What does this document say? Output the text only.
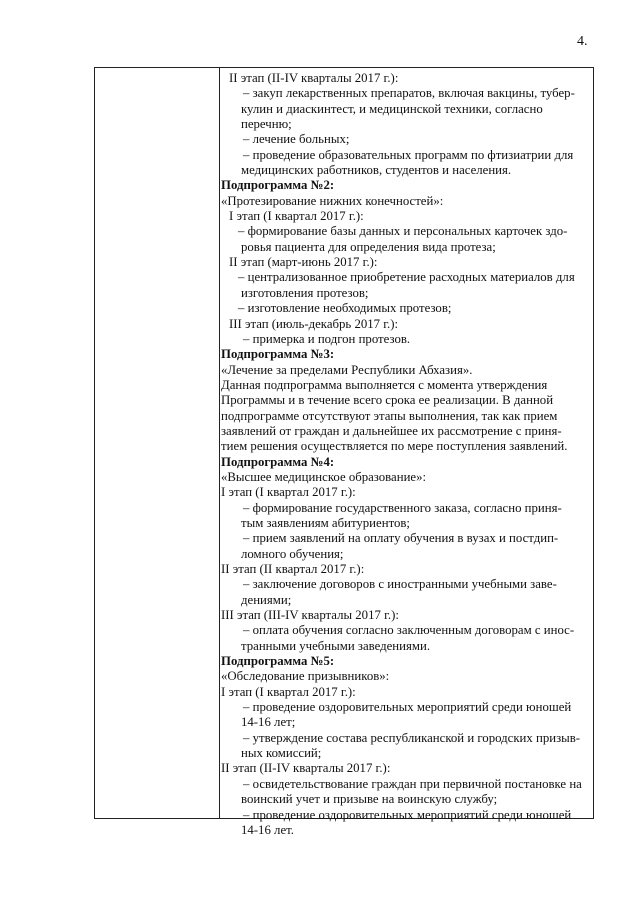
4.

II этап (II-IV кварталы 2017 г.):

– закуп лекарственных препаратов, включая вакцины, тубер-

кулин и диаскинтест, и медицинской техники, согласно

перечню;

– лечение больных;

– проведение образовательных программ по фтизиатрии для

медицинских работников, студентов и населения.

Подпрограмма №2:

«Протезирование нижних конечностей»:

I этап (I квартал 2017 г.):

– формирование базы данных и персональных карточек здо-

ровья пациента для определения вида протеза;

II этап (март-июнь 2017 г.):

– централизованное приобретение расходных материалов для

изготовления протезов;

– изготовление необходимых протезов;

III этап (июль-декабрь 2017 г.):

– примерка и подгон протезов.

Подпрограмма №3:

«Лечение за пределами Республики Абхазия».

Данная подпрограмма выполняется с момента утверждения

Программы и в течение всего срока ее реализации. В данной

подпрограмме отсутствуют этапы выполнения, так как прием

заявлений от граждан и дальнейшее их рассмотрение с приня-

тием решения осуществляется по мере поступления заявлений.

Подпрограмма №4:

«Высшее медицинское образование»:

I этап (I квартал 2017 г.):

– формирование государственного заказа, согласно приня-

тым заявлениям абитуриентов;

– прием заявлений на оплату обучения в вузах и постдип-

ломного обучения;

II этап (II квартал 2017 г.):

– заключение договоров с иностранными учебными заве-

дениями;

III этап (III-IV кварталы 2017 г.):

– оплата обучения согласно заключенным договорам с инос-

транными учебными заведениями.

Подпрограмма №5:

«Обследование призывников»:

I этап (I квартал 2017 г.):

– проведение оздоровительных мероприятий среди юношей

14-16 лет;

– утверждение состава республиканской и городских призыв-

ных комиссий;

II этап (II-IV кварталы 2017 г.):

– освидетельствование граждан при первичной постановке на

воинский учет и призыве на воинскую службу;

– проведение оздоровительных мероприятий среди юношей

14-16 лет.
